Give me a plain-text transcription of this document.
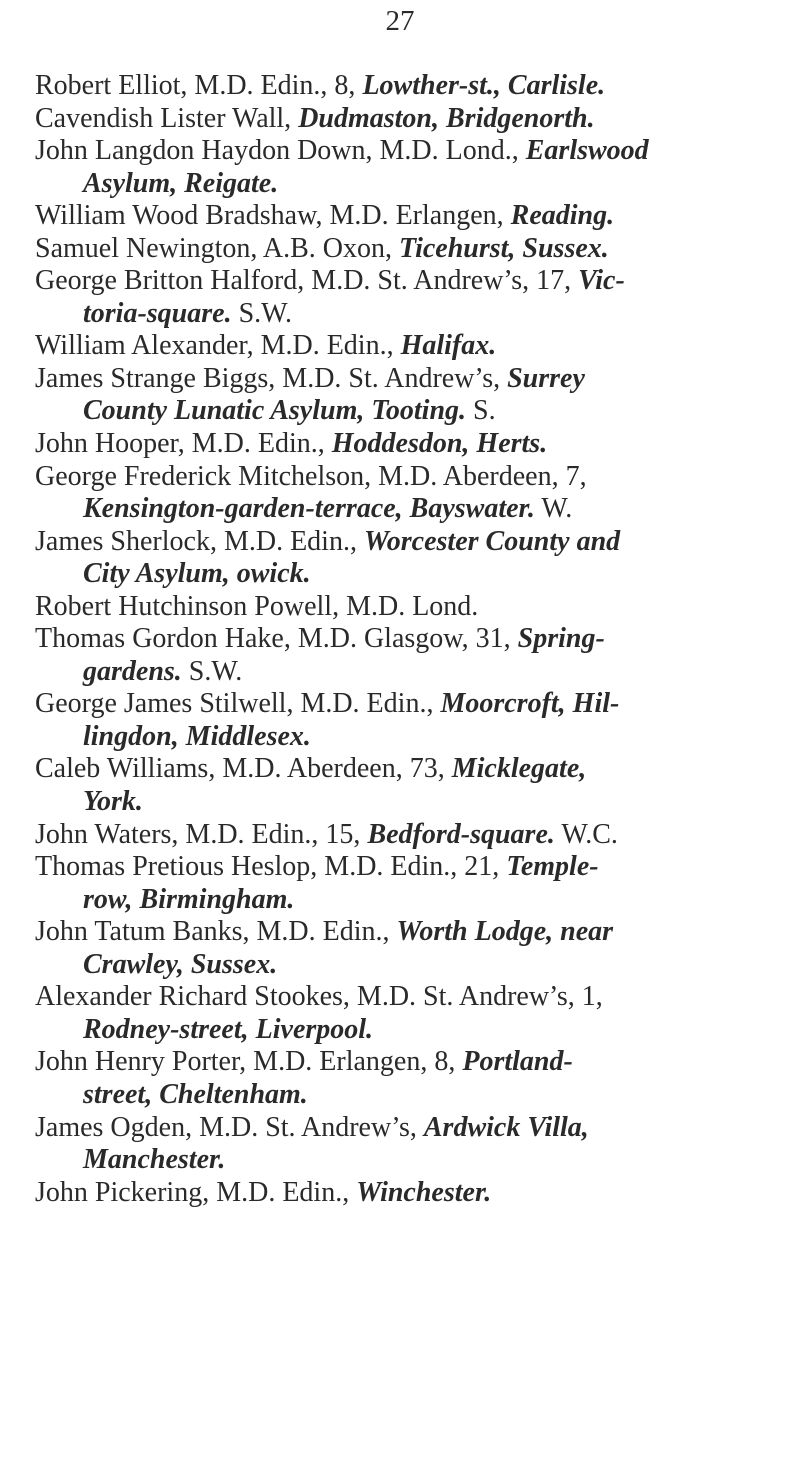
27
Robert Elliot, M.D. Edin., 8, Lowther-st., Carlisle.
Cavendish Lister Wall, Dudmaston, Bridgenorth.
John Langdon Haydon Down, M.D. Lond., Earlswood
Asylum, Reigate.
William Wood Bradshaw, M.D. Erlangen, Reading.
Samuel Newington, A.B. Oxon, Ticehurst, Sussex.
George Britton Halford, M.D. St. Andrew’s, 17, Vic-
toria-square. S.W.
William Alexander, M.D. Edin., Halifax.
James Strange Biggs, M.D. St. Andrew’s, Surrey
County Lunatic Asylum, Tooting. S.
John Hooper, M.D. Edin., Hoddesdon, Herts.
George Frederick Mitchelson, M.D. Aberdeen, 7,
Kensington-garden-terrace, Bayswater. W.
James Sherlock, M.D. Edin., Worcester County and
City Asylum, owick.
Robert Hutchinson Powell, M.D. Lond.
Thomas Gordon Hake, M.D. Glasgow, 31, Spring-
gardens. S.W.
George James Stilwell, M.D. Edin., Moorcroft, Hil-
lingdon, Middlesex.
Caleb Williams, M.D. Aberdeen, 73, Micklegate,
York.
John Waters, M.D. Edin., 15, Bedford-square. W.C.
Thomas Pretious Heslop, M.D. Edin., 21, Temple-
row, Birmingham.
John Tatum Banks, M.D. Edin., Worth Lodge, near
Crawley, Sussex.
Alexander Richard Stookes, M.D. St. Andrew’s, 1,
Rodney-street, Liverpool.
John Henry Porter, M.D. Erlangen, 8, Portland-
street, Cheltenham.
James Ogden, M.D. St. Andrew’s, Ardwick Villa,
Manchester.
John Pickering, M.D. Edin., Winchester.
